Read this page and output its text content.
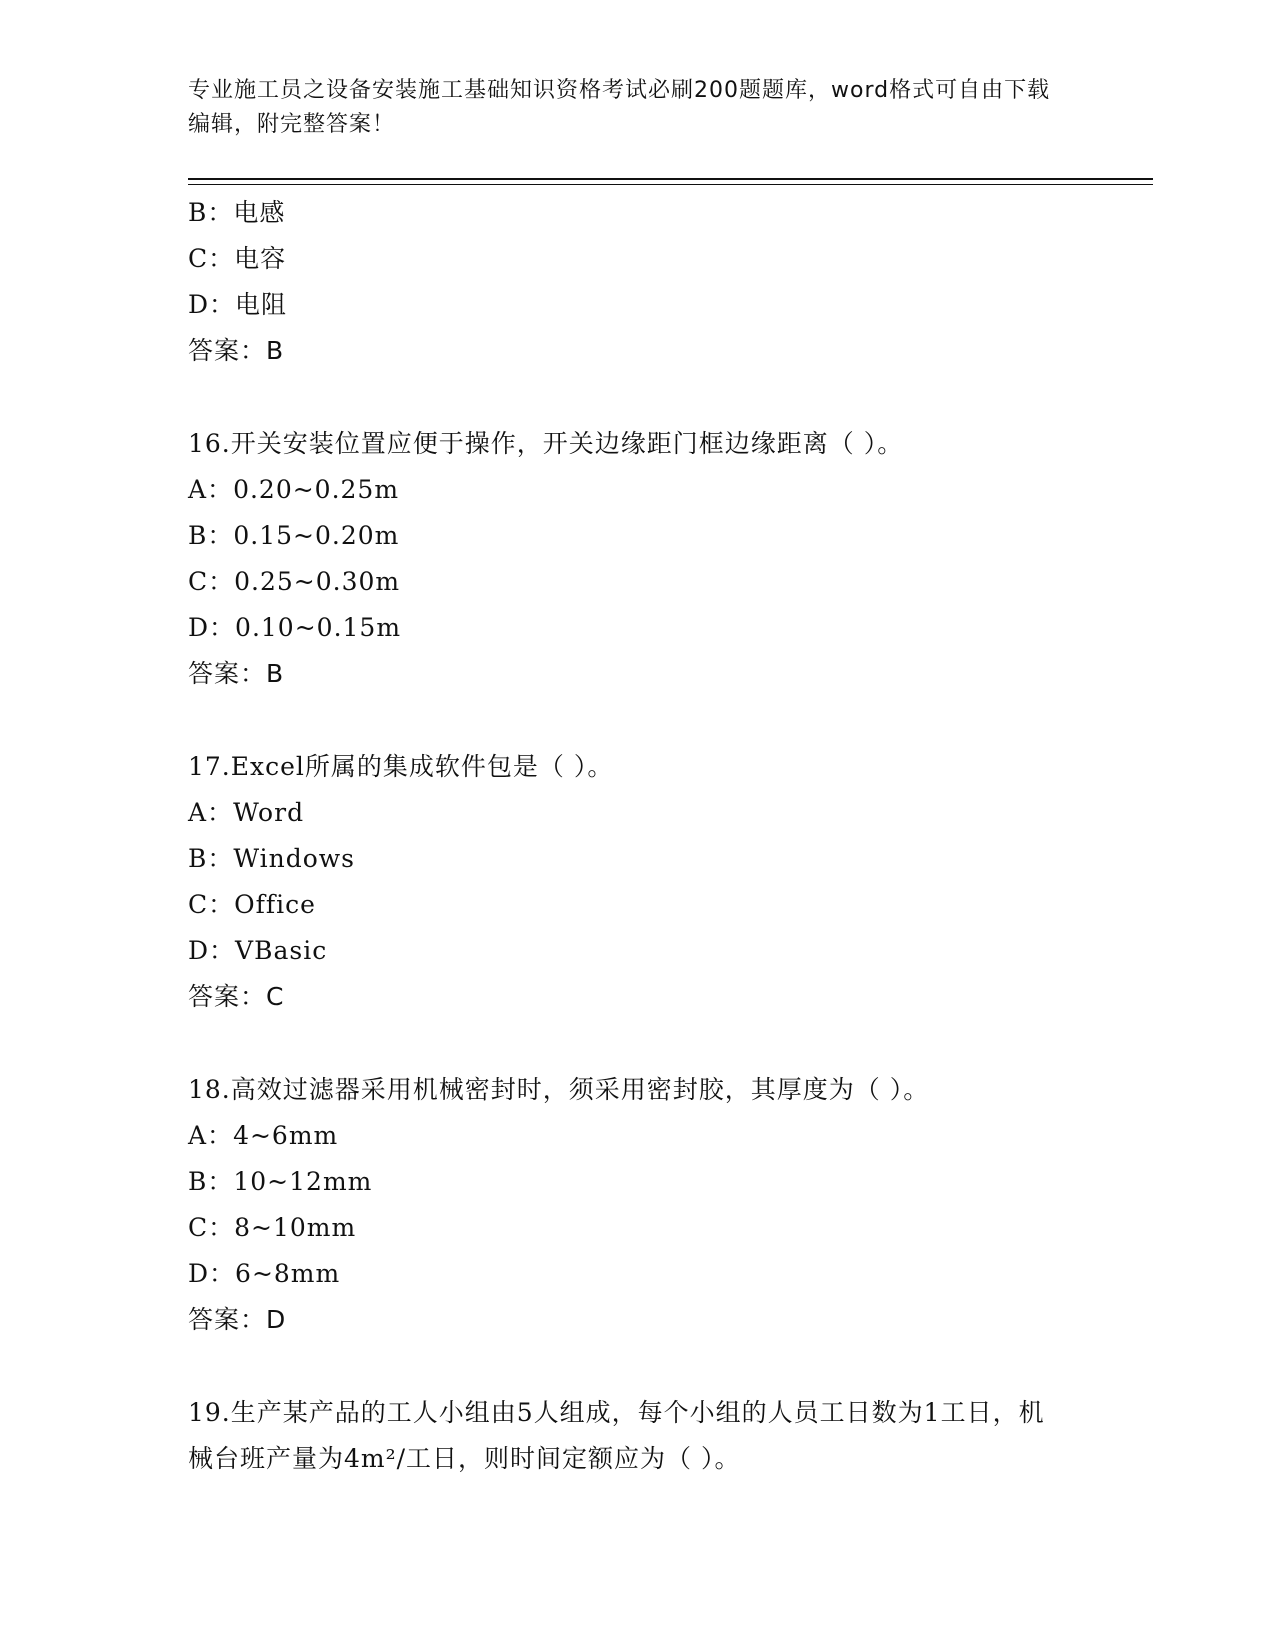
专业施工员之设备安装施工基础知识资格考试必刷200题题库，word格式可自由下载编辑，附完整答案！
B：电感
C：电容
D：电阻
答案：B
16.开关安装位置应便于操作，开关边缘距门框边缘距离（ ）。
A：0.20~0.25m
B：0.15~0.20m
C：0.25~0.30m
D：0.10~0.15m
答案：B
17.Excel所属的集成软件包是（ ）。
A：Word
B：Windows
C：Office
D：VBasic
答案：C
18.高效过滤器采用机械密封时，须采用密封胶，其厚度为（ ）。
A：4~6mm
B：10~12mm
C：8~10mm
D：6~8mm
答案：D
19.生产某产品的工人小组由5人组成，每个小组的人员工日数为1工日，机械台班产量为4m²/工日，则时间定额应为（ ）。
